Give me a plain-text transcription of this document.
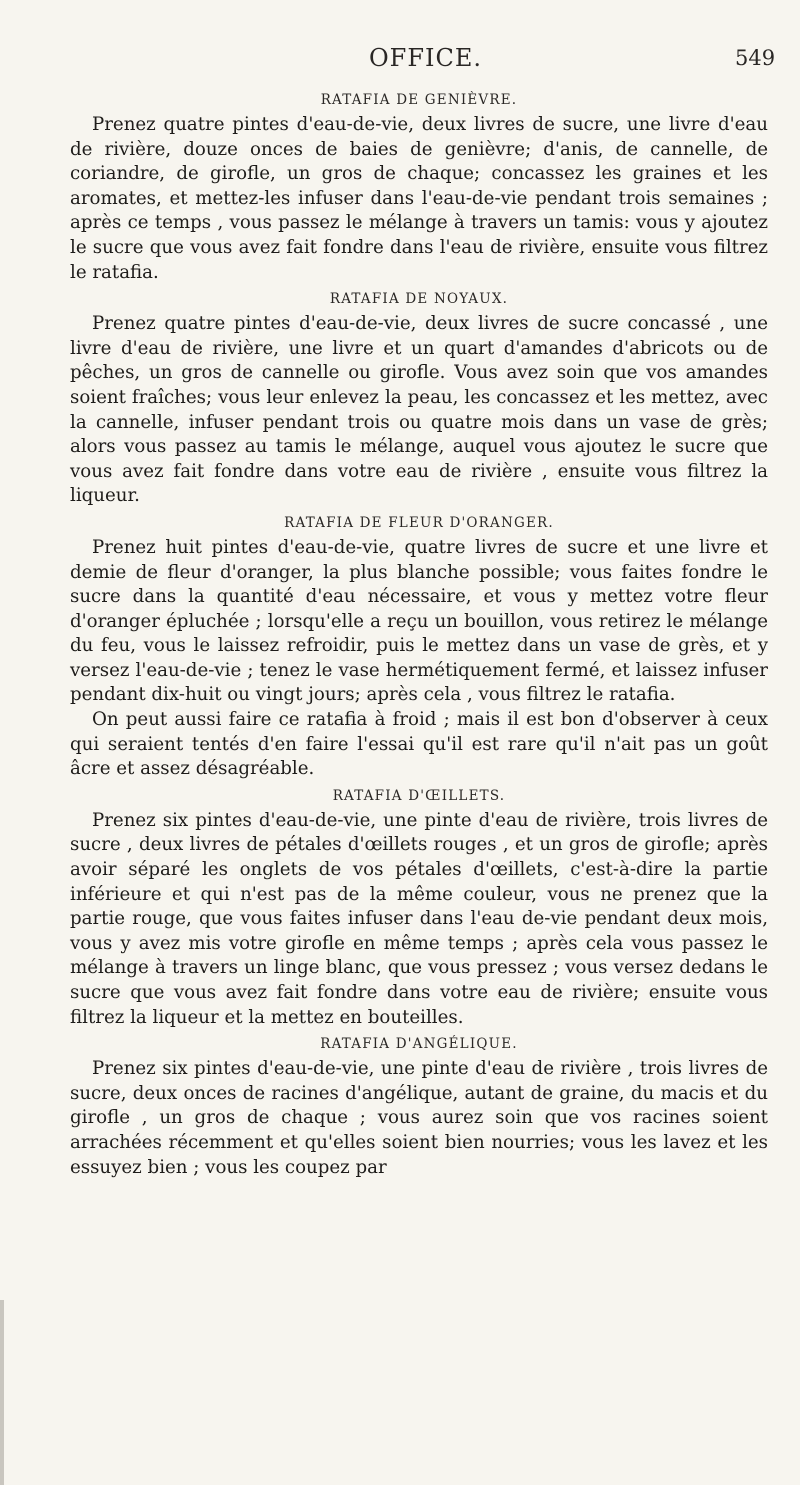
OFFICE.	549
RATAFIA DE GENIÈVRE.

Prenez quatre pintes d'eau-de-vie, deux livres de sucre, une livre d'eau de rivière, douze onces de baies de genièvre; d'anis, de cannelle, de coriandre, de girofle, un gros de chaque; concassez les graines et les aromates, et mettez-les infuser dans l'eau-de-vie pendant trois semaines ; après ce temps , vous passez le mélange à travers un tamis: vous y ajoutez le sucre que vous avez fait fondre dans l'eau de rivière, ensuite vous filtrez le ratafia.

RATAFIA DE NOYAUX.

Prenez quatre pintes d'eau-de-vie, deux livres de sucre concassé , une livre d'eau de rivière, une livre et un quart d'amandes d'abricots ou de pêches, un gros de cannelle ou girofle. Vous avez soin que vos amandes soient fraîches; vous leur enlevez la peau, les concassez et les mettez, avec la cannelle, infuser pendant trois ou quatre mois dans un vase de grès; alors vous passez au tamis le mélange, auquel vous ajoutez le sucre que vous avez fait fondre dans votre eau de rivière , ensuite vous filtrez la liqueur.

RATAFIA DE FLEUR D'ORANGER.

Prenez huit pintes d'eau-de-vie, quatre livres de sucre et une livre et demie de fleur d'oranger, la plus blanche possible; vous faites fondre le sucre dans la quantité d'eau nécessaire, et vous y mettez votre fleur d'oranger épluchée ; lorsqu'elle a reçu un bouillon, vous retirez le mélange du feu, vous le laissez refroidir, puis le mettez dans un vase de grès, et y versez l'eau-de-vie ; tenez le vase hermétiquement fermé, et laissez infuser pendant dix-huit ou vingt jours; après cela , vous filtrez le ratafia.

On peut aussi faire ce ratafia à froid ; mais il est bon d'observer à ceux qui seraient tentés d'en faire l'essai qu'il est rare qu'il n'ait pas un goût âcre et assez désagréable.

RATAFIA D'ŒILLETS.

Prenez six pintes d'eau-de-vie, une pinte d'eau de rivière, trois livres de sucre , deux livres de pétales d'œillets rouges , et un gros de girofle; après avoir séparé les onglets de vos pétales d'œillets, c'est-à-dire la partie inférieure et qui n'est pas de la même couleur, vous ne prenez que la partie rouge, que vous faites infuser dans l'eau de-vie pendant deux mois, vous y avez mis votre girofle en même temps ; après cela vous passez le mélange à travers un linge blanc, que vous pressez ; vous versez dedans le sucre que vous avez fait fondre dans votre eau de rivière; ensuite vous filtrez la liqueur et la mettez en bouteilles.

RATAFIA D'ANGÉLIQUE.

Prenez six pintes d'eau-de-vie, une pinte d'eau de rivière , trois livres de sucre, deux onces de racines d'angélique, autant de graine, du macis et du girofle , un gros de chaque ; vous aurez soin que vos racines soient arrachées récemment et qu'elles soient bien nourries; vous les lavez et les essuyez bien ; vous les coupez par
